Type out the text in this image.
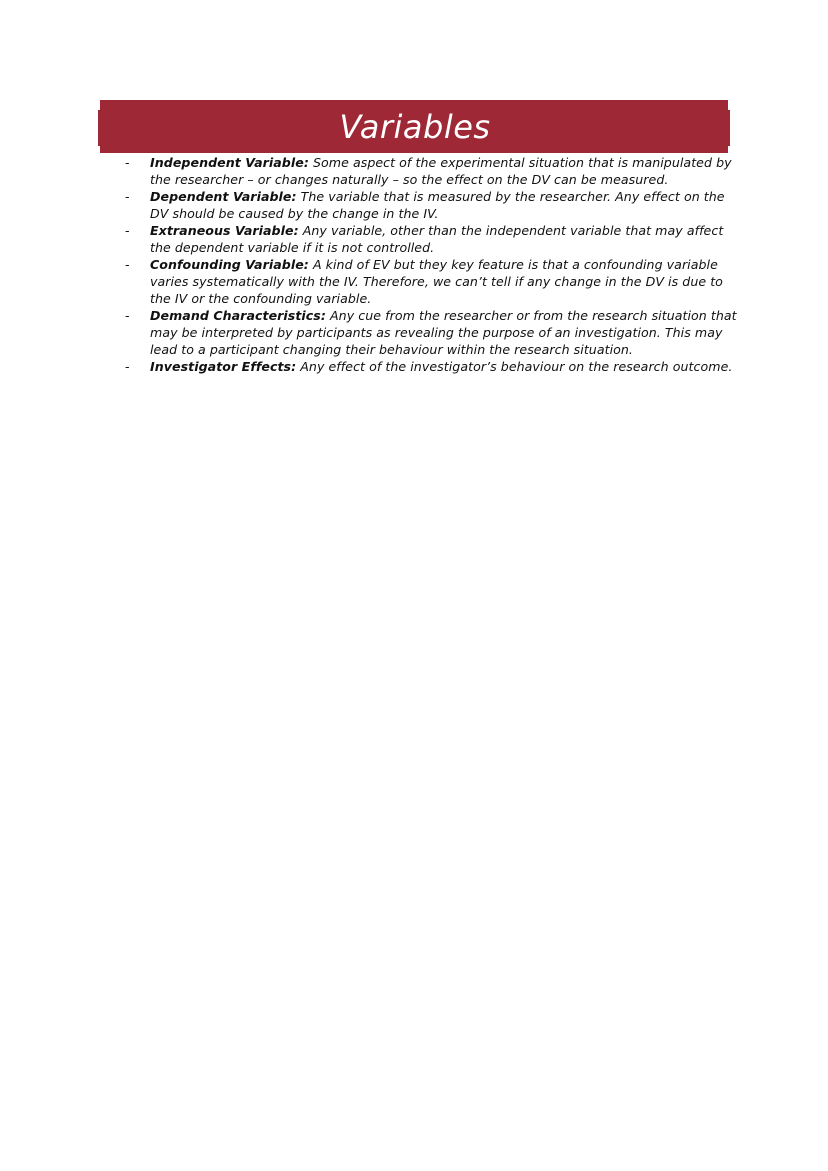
Variables
- Independent Variable: Some aspect of the experimental situation that is manipulated by the researcher – or changes naturally – so the effect on the DV can be measured.
- Dependent Variable: The variable that is measured by the researcher. Any effect on the DV should be caused by the change in the IV.
- Extraneous Variable: Any variable, other than the independent variable that may affect the dependent variable if it is not controlled.
- Confounding Variable: A kind of EV but they key feature is that a confounding variable varies systematically with the IV. Therefore, we can’t tell if any change in the DV is due to the IV or the confounding variable.
- Demand Characteristics: Any cue from the researcher or from the research situation that may be interpreted by participants as revealing the purpose of an investigation. This may lead to a participant changing their behaviour within the research situation.
- Investigator Effects: Any effect of the investigator’s behaviour on the research outcome.
